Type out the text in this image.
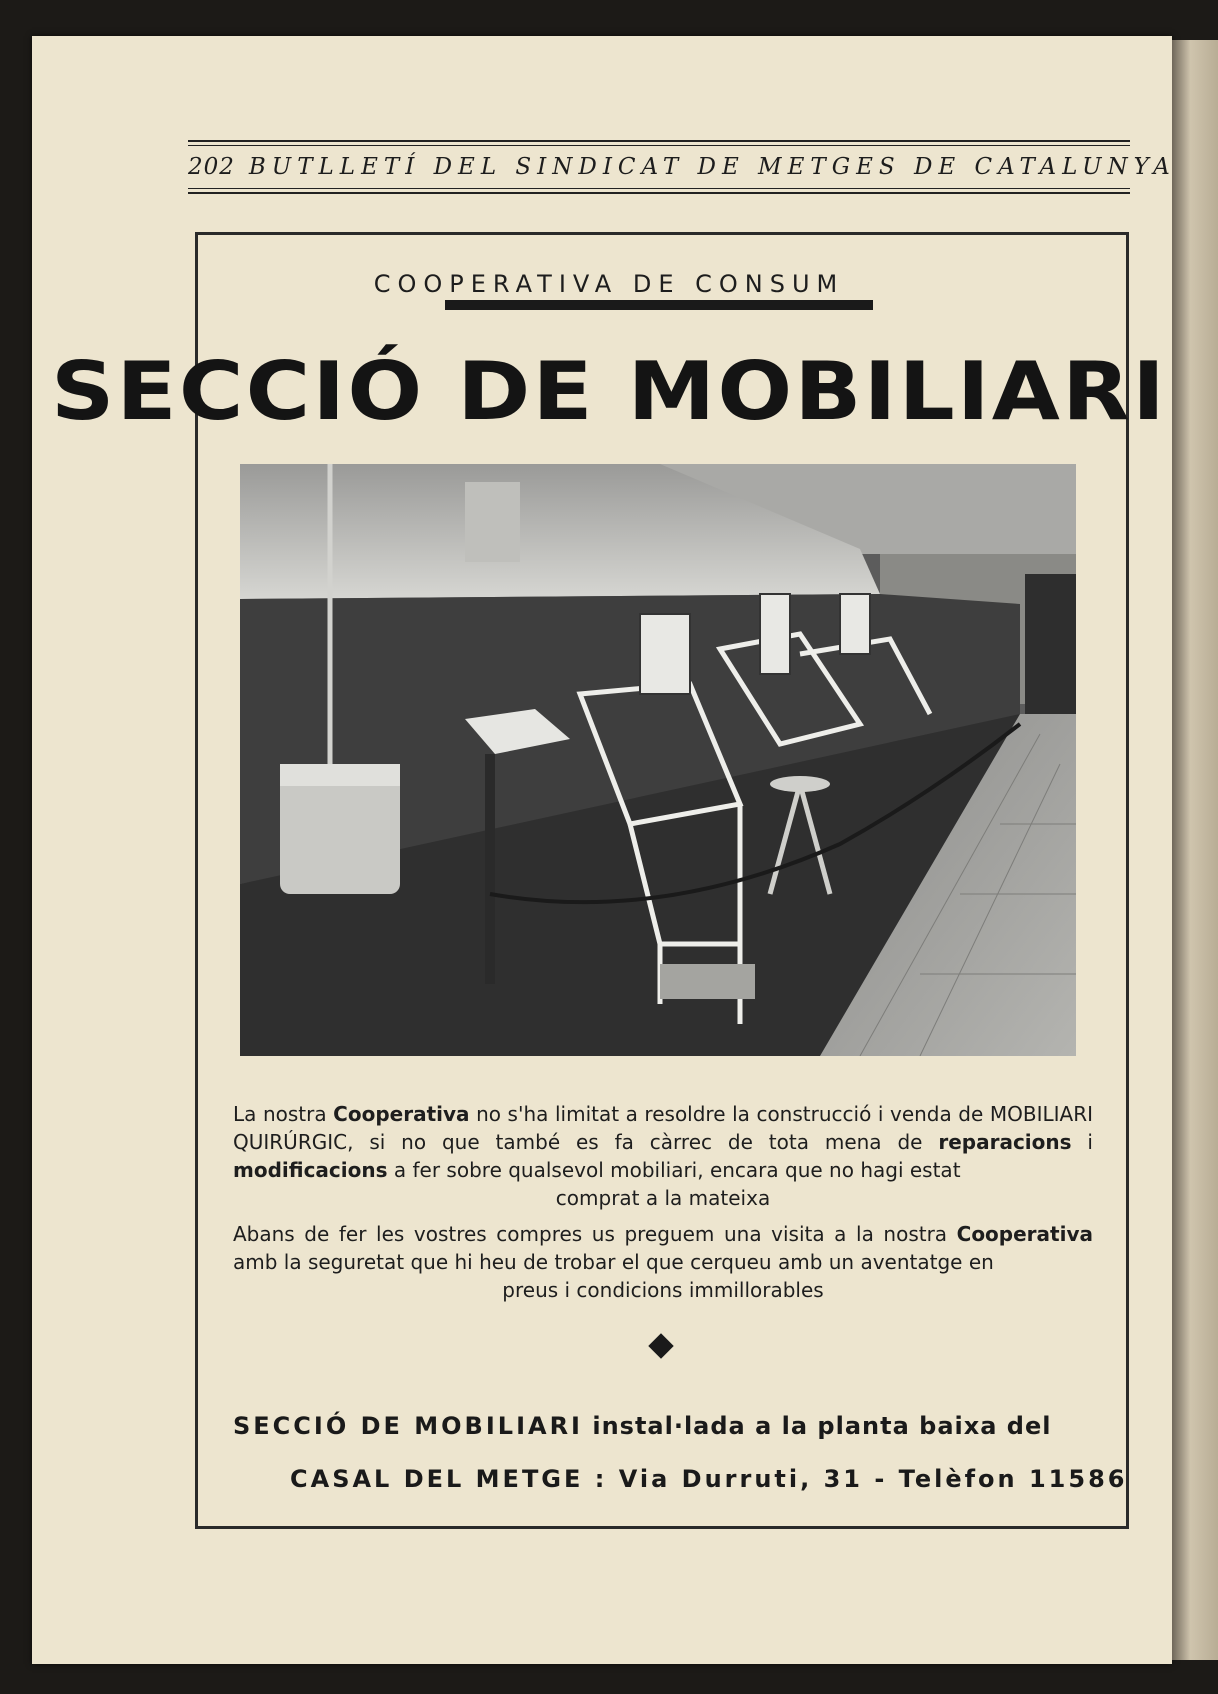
202 BUTLLETÍ DEL SINDICAT DE METGES DE CATALUNYA
COOPERATIVA DE CONSUM
SECCIÓ DE MOBILIARI
La nostra Cooperativa no s'ha limitat a resoldre la construcció i venda de MOBILIARI QUIRÚRGIC, si no que també es fa càrrec de tota mena de reparacions i modificacions a fer sobre qualsevol mobiliari, encara que no hagi estat
comprat a la mateixa
Abans de fer les vostres compres us preguem una visita a la nostra Cooperativa amb la seguretat que hi heu de trobar el que cerqueu amb un aventatge en
preus i condicions immillorables
SECCIÓ DE MOBILIARI instal·lada a la planta baixa del
CASAL DEL METGE : Via Durruti, 31 - Telèfon 11586
